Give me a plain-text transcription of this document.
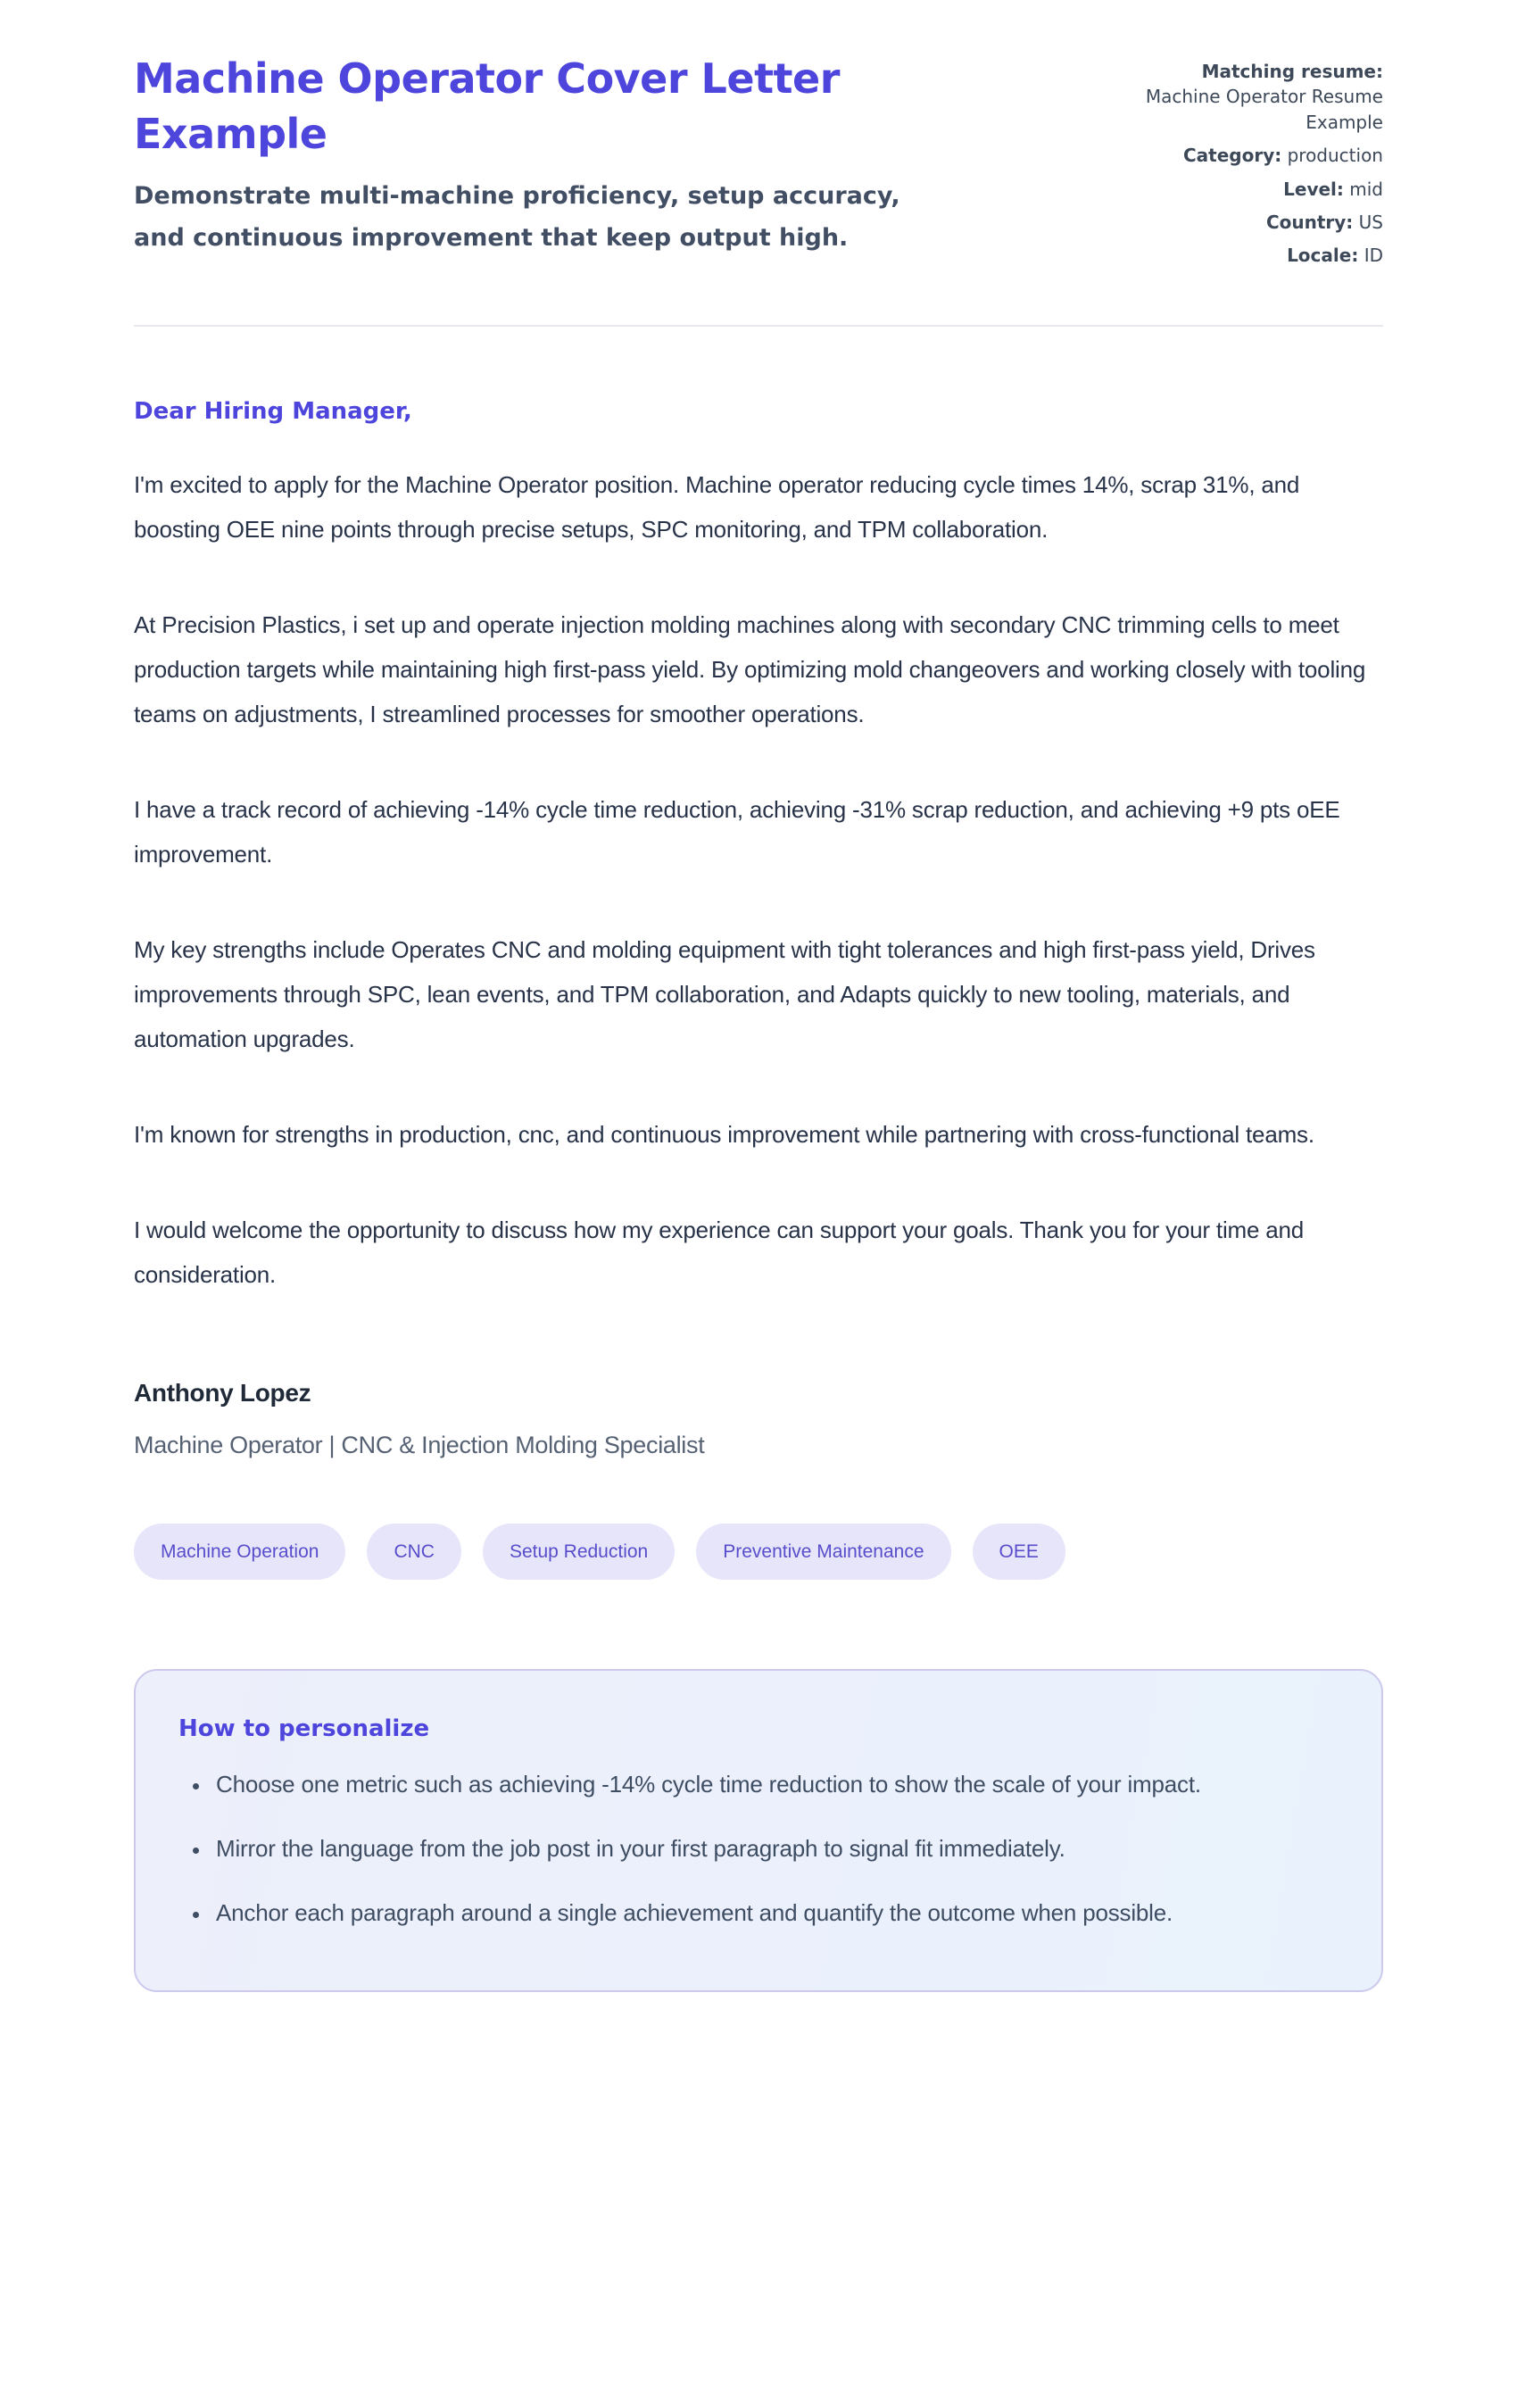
Machine Operator Cover Letter Example

Demonstrate multi-machine proficiency, setup accuracy, and continuous improvement that keep output high.

Matching resume:
Machine Operator Resume Example
Category: production
Level: mid
Country: US
Locale: ID

Dear Hiring Manager,

I'm excited to apply for the Machine Operator position. Machine operator reducing cycle times 14%, scrap 31%, and boosting OEE nine points through precise setups, SPC monitoring, and TPM collaboration.

At Precision Plastics, i set up and operate injection molding machines along with secondary CNC trimming cells to meet production targets while maintaining high first-pass yield. By optimizing mold changeovers and working closely with tooling teams on adjustments, I streamlined processes for smoother operations.

I have a track record of achieving -14% cycle time reduction, achieving -31% scrap reduction, and achieving +9 pts oEE improvement.

My key strengths include Operates CNC and molding equipment with tight tolerances and high first-pass yield, Drives improvements through SPC, lean events, and TPM collaboration, and Adapts quickly to new tooling, materials, and automation upgrades.

I'm known for strengths in production, cnc, and continuous improvement while partnering with cross-functional teams.

I would welcome the opportunity to discuss how my experience can support your goals. Thank you for your time and consideration.

Anthony Lopez

Machine Operator | CNC & Injection Molding Specialist

Machine Operation	CNC	Setup Reduction	Preventive Maintenance	OEE
How to personalize
• Choose one metric such as achieving -14% cycle time reduction to show the scale of your impact.
• Mirror the language from the job post in your first paragraph to signal fit immediately.
• Anchor each paragraph around a single achievement and quantify the outcome when possible.
